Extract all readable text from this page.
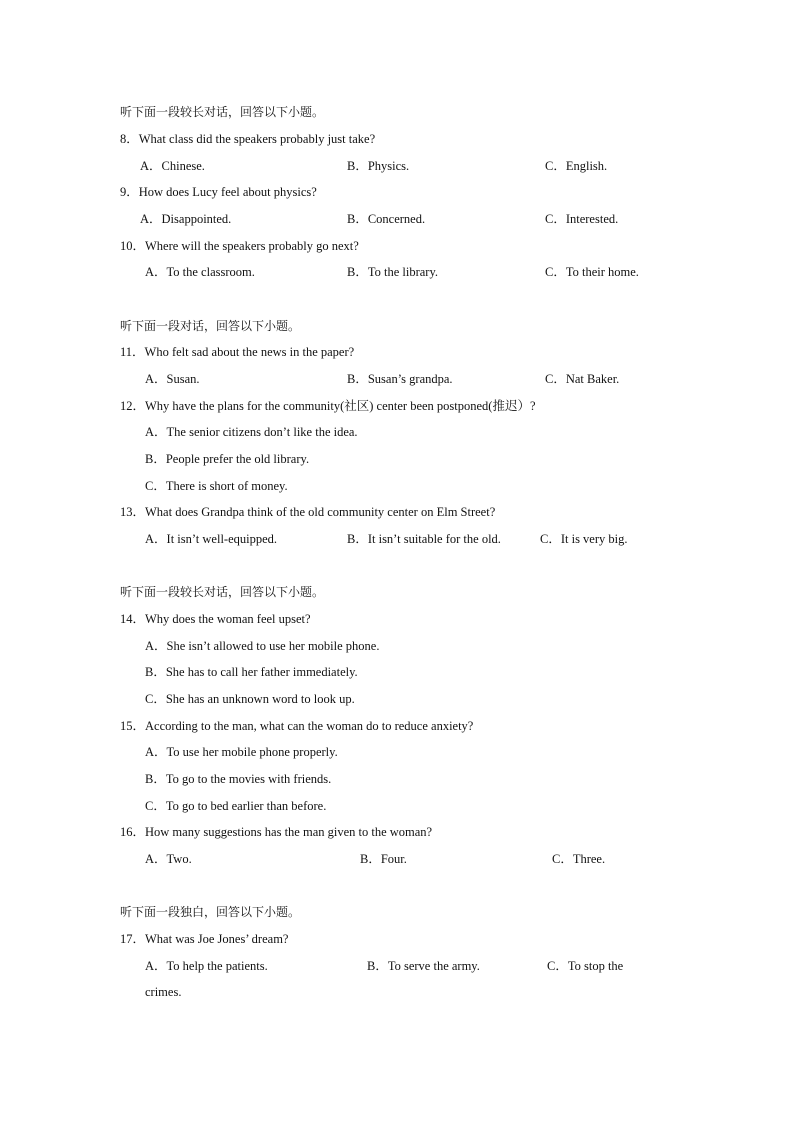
听下面一段较长对话，回答以下小题。
8．What class did the speakers probably just take?
A．Chinese.	B．Physics.	C．English.
9．How does Lucy feel about physics?
A．Disappointed.	B．Concerned.	C．Interested.
10．Where will the speakers probably go next?
A．To the classroom.	B．To the library.	C．To their home.
听下面一段对话，回答以下小题。
11．Who felt sad about the news in the paper?
A．Susan.	B．Susan’s grandpa.	C．Nat Baker.
12．Why have the plans for the community(社区) center been postponed(推迟）?
A．The senior citizens don’t like the idea.
B．People prefer the old library.
C．There is short of money.
13．What does Grandpa think of the old community center on Elm Street?
A．It isn’t well-equipped.	B．It isn’t suitable for the old.	C．It is very big.
听下面一段较长对话，回答以下小题。
14．Why does the woman feel upset?
A．She isn’t allowed to use her mobile phone.
B．She has to call her father immediately.
C．She has an unknown word to look up.
15．According to the man, what can the woman do to reduce anxiety?
A．To use her mobile phone properly.
B．To go to the movies with friends.
C．To go to bed earlier than before.
16．How many suggestions has the man given to the woman?
A．Two.	B．Four.	C．Three.
听下面一段独白，回答以下小题。
17．What was Joe Jones’ dream?
A．To help the patients.	B．To serve the army.	C．To stop the
crimes.
